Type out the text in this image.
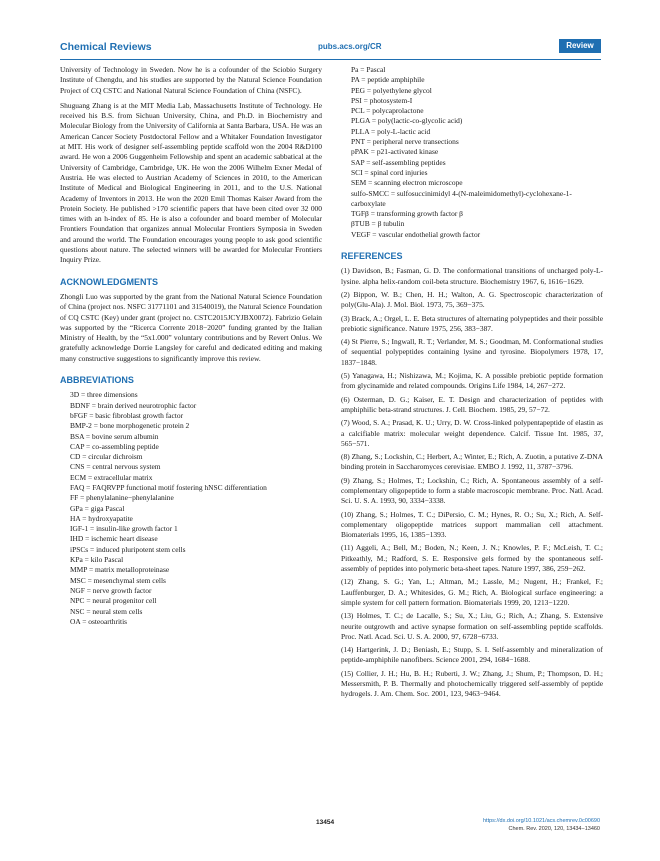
Chemical Reviews	pubs.acs.org/CR	Review

University of Technology in Sweden. Now he is a cofounder of the Sciobio Surgery Institute of Chengdu, and his studies are supported by the Natural Science Foundation Project of CQ CSTC and National Natural Science Foundation of China (NSFC).

Shuguang Zhang is at the MIT Media Lab, Massachusetts Institute of Technology. He received his B.S. from Sichuan University, China, and Ph.D. in Biochemistry and Molecular Biology from the University of California at Santa Barbara, USA. He was an American Cancer Society Postdoctoral Fellow and a Whitaker Foundation Investigator at MIT. His work of designer self-assembling peptide scaffold won the 2004 R&D100 award. He won a 2006 Guggenheim Fellowship and spent an academic sabbatical at the University of Cambridge, Cambridge, UK. He won the 2006 Wilhelm Exner Medal of Austria. He was elected to Austrian Academy of Sciences in 2010, to the American Institute of Medical and Biological Engineering in 2011, and to the U.S. National Academy of Inventors in 2013. He won the 2020 Emil Thomas Kaiser Award from the Protein Society. He published >170 scientific papers that have been cited over 32 000 times with an h-index of 85. He is also a cofounder and board member of Molecular Frontiers Foundation that organizes annual Molecular Frontiers Symposia in Sweden and around the world. The Foundation encourages young people to ask good scientific questions about nature. The selected winners will be awarded for Molecular Frontiers Inquiry Prize.

ACKNOWLEDGMENTS

Zhongli Luo was supported by the grant from the National Natural Science Foundation of China (project nos. NSFC 31771101 and 31540019), the Natural Science Foundation of CQ CSTC (Key) under grant (project no. CSTC2015JCYJBX0072). Fabrizio Gelain was supported by the “Ricerca Corrente 2018−2020” funding granted by the Italian Ministry of Health, by the “5x1.000” voluntary contributions and by Revert Onlus. We gratefully acknowledge Dorrie Langsley for careful and dedicated editing and making many constructive suggestions to significantly improve this review.

ABBREVIATIONS
3D = three dimensions
BDNF = brain derived neurotrophic factor
bFGF = basic fibroblast growth factor
BMP-2 = bone morphogenetic protein 2
BSA = bovine serum albumin
CAP = co-assembling peptide
CD = circular dichroism
CNS = central nervous system
ECM = extracellular matrix
FAQ = FAQRVPP functional motif fostering hNSC differentiation
FF = phenylalanine−phenylalanine
GPa = giga Pascal
HA = hydroxyapatite
IGF-1 = insulin-like growth factor 1
IHD = ischemic heart disease
iPSCs = induced pluripotent stem cells
KPa = kilo Pascal
MMP = matrix metalloproteinase
MSC = mesenchymal stem cells
NGF = nerve growth factor
NPC = neural progenitor cell
NSC = neural stem cells
OA = osteoarthritis
Pa = Pascal
PA = peptide amphiphile
PEG = polyethylene glycol
PSI = photosystem-I
PCL = polycaprolactone
PLGA = poly(lactic-co-glycolic acid)
PLLA = poly-L-lactic acid
PNT = peripheral nerve transections
pPAK = p21-activated kinase
SAP = self-assembling peptides
SCI = spinal cord injuries
SEM = scanning electron microscope
sulfo-SMCC = sulfosuccinimidyl 4-(N-maleimidomethyl)-cyclohexane-1-carboxylate
TGFβ = transforming growth factor β
βTUB = β tubulin
VEGF = vascular endothelial growth factor
REFERENCES

(1) Davidson, B.; Fasman, G. D. The conformational transitions of uncharged poly-L-lysine. alpha helix-random coil-beta structure. Biochemistry 1967, 6, 1616−1629.

(2) Bippon, W. B.; Chen, H. H.; Walton, A. G. Spectroscopic characterization of poly(Glu-Ala). J. Mol. Biol. 1973, 75, 369−375.

(3) Brack, A.; Orgel, L. E. Beta structures of alternating polypeptides and their possible prebiotic significance. Nature 1975, 256, 383−387.

(4) St Pierre, S.; Ingwall, R. T.; Verlander, M. S.; Goodman, M. Conformational studies of sequential polypeptides containing lysine and tyrosine. Biopolymers 1978, 17, 1837−1848.

(5) Yanagawa, H.; Nishizawa, M.; Kojima, K. A possible prebiotic peptide formation from glycinamide and related compounds. Origins Life 1984, 14, 267−272.

(6) Osterman, D. G.; Kaiser, E. T. Design and characterization of peptides with amphiphilic beta-strand structures. J. Cell. Biochem. 1985, 29, 57−72.

(7) Wood, S. A.; Prasad, K. U.; Urry, D. W. Cross-linked polypentapeptide of elastin as a calcifiable matrix: molecular weight dependence. Calcif. Tissue Int. 1985, 37, 565−571.

(8) Zhang, S.; Lockshin, C.; Herbert, A.; Winter, E.; Rich, A. Zuotin, a putative Z-DNA binding protein in Saccharomyces cerevisiae. EMBO J. 1992, 11, 3787−3796.

(9) Zhang, S.; Holmes, T.; Lockshin, C.; Rich, A. Spontaneous assembly of a self-complementary oligopeptide to form a stable macroscopic membrane. Proc. Natl. Acad. Sci. U. S. A. 1993, 90, 3334−3338.

(10) Zhang, S.; Holmes, T. C.; DiPersio, C. M.; Hynes, R. O.; Su, X.; Rich, A. Self-complementary oligopeptide matrices support mammalian cell attachment. Biomaterials 1995, 16, 1385−1393.

(11) Aggeli, A.; Bell, M.; Boden, N.; Keen, J. N.; Knowles, P. F.; McLeish, T. C.; Pitkeathly, M.; Radford, S. E. Responsive gels formed by the spontaneous self-assembly of peptides into polymeric beta-sheet tapes. Nature 1997, 386, 259−262.

(12) Zhang, S. G.; Yan, L.; Altman, M.; Lassle, M.; Nugent, H.; Frankel, F.; Lauffenburger, D. A.; Whitesides, G. M.; Rich, A. Biological surface engineering: a simple system for cell pattern formation. Biomaterials 1999, 20, 1213−1220.

(13) Holmes, T. C.; de Lacalle, S.; Su, X.; Liu, G.; Rich, A.; Zhang, S. Extensive neurite outgrowth and active synapse formation on self-assembling peptide scaffolds. Proc. Natl. Acad. Sci. U. S. A. 2000, 97, 6728−6733.

(14) Hartgerink, J. D.; Beniash, E.; Stupp, S. I. Self-assembly and mineralization of peptide-amphiphile nanofibers. Science 2001, 294, 1684−1688.

(15) Collier, J. H.; Hu, B. H.; Ruberti, J. W.; Zhang, J.; Shum, P.; Thompson, D. H.; Messersmith, P. B. Thermally and photochemically triggered self-assembly of peptide hydrogels. J. Am. Chem. Soc. 2001, 123, 9463−9464.

13454	https://dx.doi.org/10.1021/acs.chemrev.0c00690
Chem. Rev. 2020, 120, 13434−13460
